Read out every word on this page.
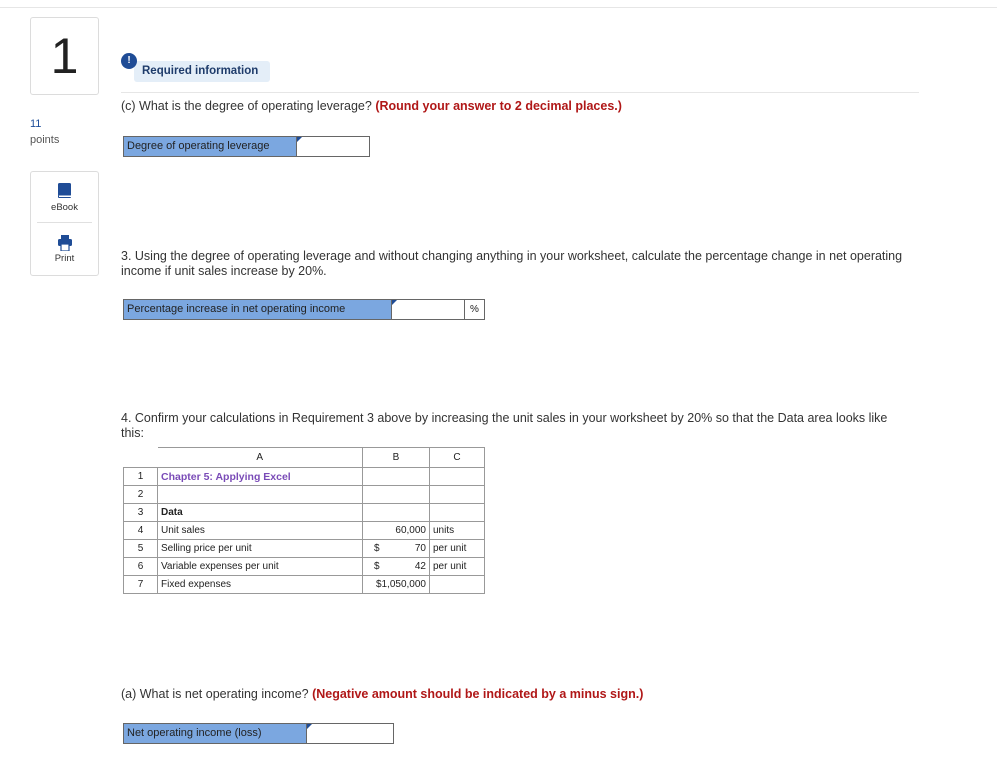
1
11
points
eBook
Print
Required information
!
(c) What is the degree of operating leverage? (Round your answer to 2 decimal places.)
Degree of operating leverage
3. Using the degree of operating leverage and without changing anything in your worksheet, calculate the percentage change in net operating income if unit sales increase by 20%.
Percentage increase in net operating income	%
4. Confirm your calculations in Requirement 3 above by increasing the unit sales in your worksheet by 20% so that the Data area looks like this:
	A	B	C
1	Chapter 5: Applying Excel		
2			
3	Data		
4	Unit sales	60,000	units
5	Selling price per unit	$ 70	per unit
6	Variable expenses per unit	$ 42	per unit
7	Fixed expenses	$1,050,000	
(a) What is net operating income? (Negative amount should be indicated by a minus sign.)
Net operating income (loss)
